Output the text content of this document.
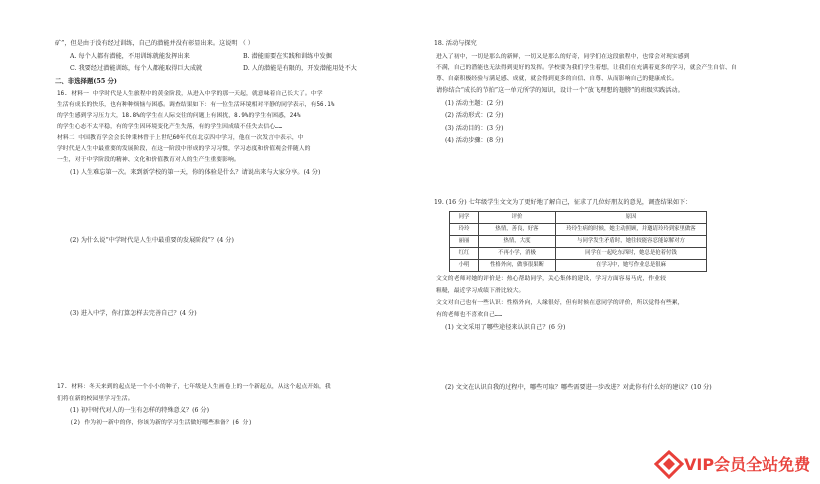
矿”，但是由于没有经过训练，自己的潜能并没有彰显出来。这说明 （ ）
A. 每个人都有潜能，不用训练就能发挥出来	B. 潜能需要在实践和训练中发掘
C. 我要经过潜能训练，每个人都能取得巨大成就	D. 人的潜能是有限的，开发潜能用处不大
二、非选择题(55 分)
16. 材料一 中学时代是人生旅程中的黄金阶段，从进入中学的那一天起，就意味着自己长大了。中学
生活有成长的快乐，也有种种烦恼与困惑。调查结果如下：有一位生活环境相对平静的同学表示，有56.1%
的学生感到学习压力大，18.8%的学生在人际交往的问题上有困扰，8.9%的学生有困惑，24%
的学生心态不太平稳，有的学生因环境变化产生失落，有的学生因成绩不佳失去信心……
材料二 中国教育学会会长钟秉林曾于上世纪60年代在北京四中学习，他在一次发言中表示，中
学时代是人生中最重要的发展阶段，在这一阶段中形成的学习习惯，学习态度和价值观会伴随人的
一生，对于中学阶段的精神、文化和价值教育对人的生产生重要影响。
(1) 人生难忘第一次。来到新学校的第一天，你的体验是什么？请说出来与大家分享。(4 分)
(2) 为什么说“中学时代是人生中最重要的发展阶段”？(4 分)
(3) 进入中学，你打算怎样去完善自己？(4 分)
17. 材料：冬天来到的起点是一个小小的种子，七年级是人生画卷上的一个新起点，从这个起点开始，我
们将在新的校园里学习生活。
(1) 初中时代对人的一生有怎样的特殊意义？(6 分)
(2) 作为初一新中的你，你该为新的学习生活做好哪些准备？(6 分)
18. 活动与探究
进入了初中，一切是那么的新鲜，一切又是那么的好奇，同学们在这段旅程中，也常会对现实感到
不满，自己的潜能也无法得到更好的发挥。学校要为我们学生着想，让我们在充满着更多的学习，就会产生自信、自
尊、自豪积极经验与满足感、成就，就会得到更多的自信、自尊、从而影响自己的健康成长。
请你结合“成长的节拍”这一单元所学的知识，设计一个“放飞理想的翅膀”的班级实践活动。
(1) 活动主题：(2 分)
(2) 活动形式：(2 分)
(3) 活动目的：(3 分)
(4) 活动步骤：(8 分)
19. (16 分) 七年级学生文文为了更好地了解自己，征求了几位好朋友的意见，调查结果如下：
同学	评价	原因
玲玲	热情，善良，好客	玲玲生病的时候，她主动照顾，并邀请玲玲到家里做客
丽丽	热情，大度	与同学发生矛盾时，她往较能容忍能谅解对方
红红	不再小学，消极	同学在一起吃东西时，她总是抢着付钱
小明	性格外向，做事很果断	在学习中，她写作业总是很麻
文文的老师对她的评价是：热心帮助同学，关心集体的建设，学习方面容易马虎，作业较
粗糙，最近学习成绩下滑比较大。
文文对自己也有一些认识：性格外向，人缘很好，但有时候在意同学的评价，所以觉得有些累，
有的老师也不喜欢自己……
(1) 文文采用了哪些途径来认识自己？(6 分)
(2) 文文在认识自我的过程中，哪些可取？哪些需要进一步改进？对此你有什么好的建议？(10 分)
VIP会员全站免费
